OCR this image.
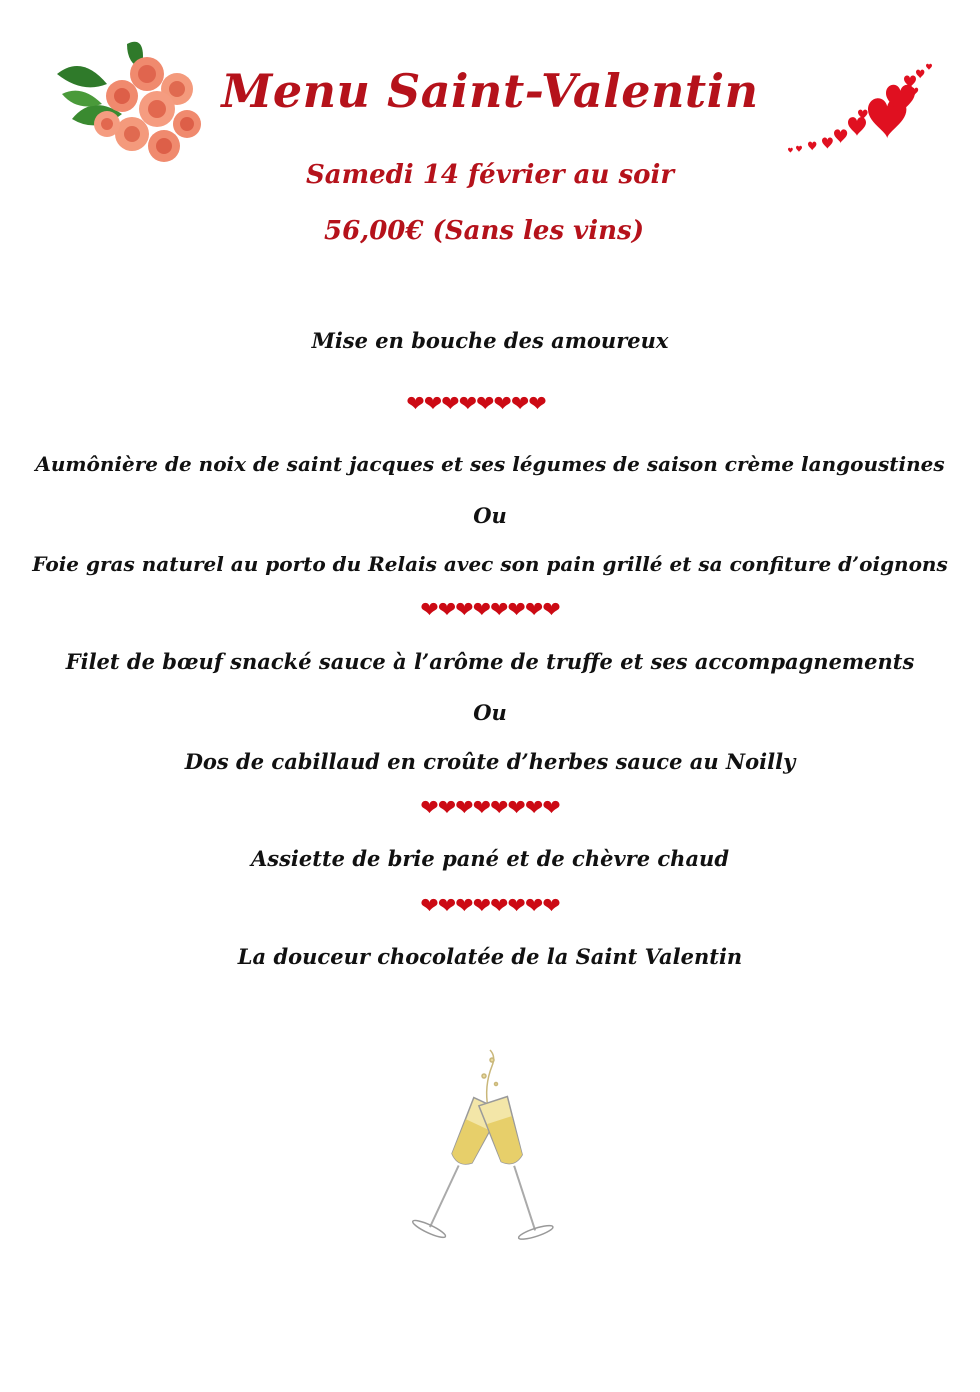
Menu Saint-Valentin
Samedi 14 février au soir
56,00€ (Sans les vins)
Mise en bouche des amoureux
❤❤❤❤❤❤❤❤
Aumônière de noix de saint jacques et ses légumes de saison crème langoustines
Ou
Foie gras naturel au porto du Relais avec son pain grillé et sa confiture d’oignons
❤❤❤❤❤❤❤❤
Filet de bœuf snacké sauce à l’arôme de truffe et ses accompagnements
Ou
Dos de cabillaud en croûte d’herbes sauce au Noilly
❤❤❤❤❤❤❤❤
Assiette de brie pané et de chèvre chaud
❤❤❤❤❤❤❤❤
La douceur chocolatée de la Saint Valentin
